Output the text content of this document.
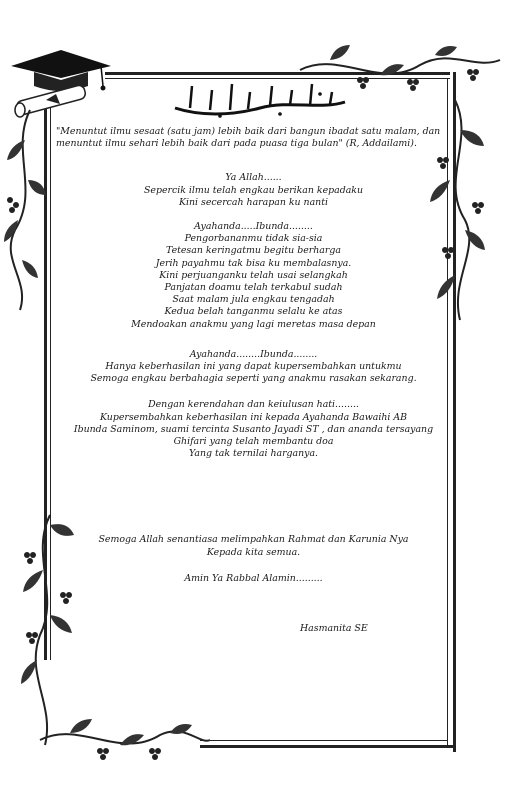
"Menuntut ilmu sesaat (satu jam) lebih baik dari bangun ibadat satu malam, dan menuntut ilmu sehari lebih baik dari pada puasa tiga bulan" (R, Addailami).

Ya Allah......

Sepercik ilmu telah engkau berikan kepadaku

Kini secercah harapan ku nanti

Ayahanda.....Ibunda........

Pengorbananmu tidak sia-sia

Tetesan keringatmu begitu berharga

Jerih payahmu tak bisa ku membalasnya.

Kini perjuanganku telah usai selangkah

Panjatan doamu telah terkabul sudah

Saat malam jula engkau tengadah

Kedua belah tanganmu selalu ke atas

Mendoakan anakmu yang lagi meretas masa depan

Ayahanda........Ibunda........

Hanya keberhasilan ini yang dapat kupersembahkan untukmu

Semoga engkau berbahagia seperti yang anakmu rasakan sekarang.

Dengan kerendahan dan keiulusan hati........

Kupersembahkan keberhasilan ini kepada Ayahanda Bawaihi AB

Ibunda Saminom, suami tercinta Susanto Jayadi ST , dan ananda tersayang Ghifari yang telah membantu doa

Yang tak ternilai harganya.

Semoga Allah senantiasa melimpahkan Rahmat dan Karunia Nya

Kepada kita semua.

Amin Ya Rabbal Alamin.........

Hasmanita SE
